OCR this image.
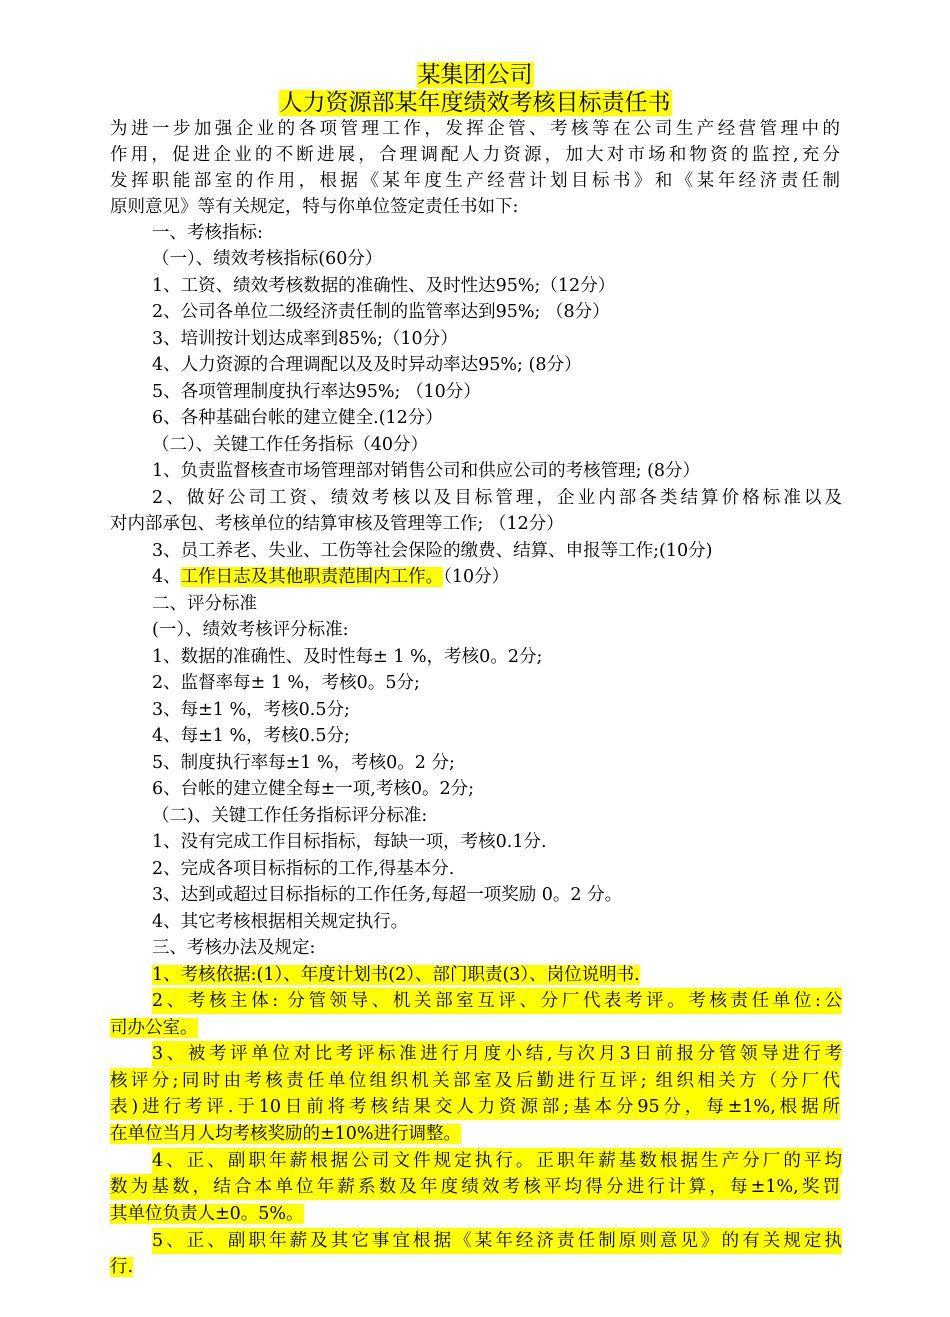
某集团公司
人力资源部某年度绩效考核目标责任书
为进一步加强企业的各项管理工作，发挥企管、考核等在公司生产经营管理中的
作用，促进企业的不断进展，合理调配人力资源，加大对市场和物资的监控,充分
发挥职能部室的作用，根据《某年度生产经营计划目标书》和《某年经济责任制
原则意见》等有关规定，特与你单位签定责任书如下:
一、考核指标:
（一）、绩效考核指标(60分）
1、工资、绩效考核数据的准确性、及时性达95%;（12分）
2、公司各单位二级经济责任制的监管率达到95%; （8分）
3、培训按计划达成率到85%;（10分）
4、人力资源的合理调配以及及时异动率达95%; (8分）
5、各项管理制度执行率达95%; （10分）
6、各种基础台帐的建立健全.(12分）
（二）、关键工作任务指标（40分）
1、负责监督核查市场管理部对销售公司和供应公司的考核管理; (8分）
2、做好公司工资、绩效考核以及目标管理，企业内部各类结算价格标准以及
对内部承包、考核单位的结算审核及管理等工作; （12分）
3、员工养老、失业、工伤等社会保险的缴费、结算、申报等工作;(10分)
4、工作日志及其他职责范围内工作。（10分）
二、评分标准
(一）、绩效考核评分标准:
1、数据的准确性、及时性每± 1 %，考核0。2分;
2、监督率每± 1 %，考核0。5分;
3、每±1 %，考核0.5分;
4、每±1 %，考核0.5分;
5、制度执行率每±1 %，考核0。2 分;
6、台帐的建立健全每±一项,考核0。2分;
（二)、关键工作任务指标评分标准:
1、没有完成工作目标指标，每缺一项，考核0.1分.
2、完成各项目标指标的工作,得基本分.
3、达到或超过目标指标的工作任务,每超一项奖励 0。2 分。
4、其它考核根据相关规定执行。
三、考核办法及规定:
1、考核依据:(1）、年度计划书(2）、部门职责(3）、岗位说明书.
2、考核主体: 分管领导、机关部室互评、分厂代表考评。考核责任单位:公
司办公室。
3、被考评单位对比考评标准进行月度小结,与次月3日前报分管领导进行考
核评分;同时由考核责任单位组织机关部室及后勤进行互评; 组织相关方（分厂代
表)进行考评.于10日前将考核结果交人力资源部;基本分95分，每±1%,根据所
在单位当月人均考核奖励的±10%进行调整。
4、正、副职年薪根据公司文件规定执行。正职年薪基数根据生产分厂的平均
数为基数，结合本单位年薪系数及年度绩效考核平均得分进行计算，每±1%,奖罚
其单位负责人±0。5%。
5、正、副职年薪及其它事宜根据《某年经济责任制原则意见》的有关规定执
行.
